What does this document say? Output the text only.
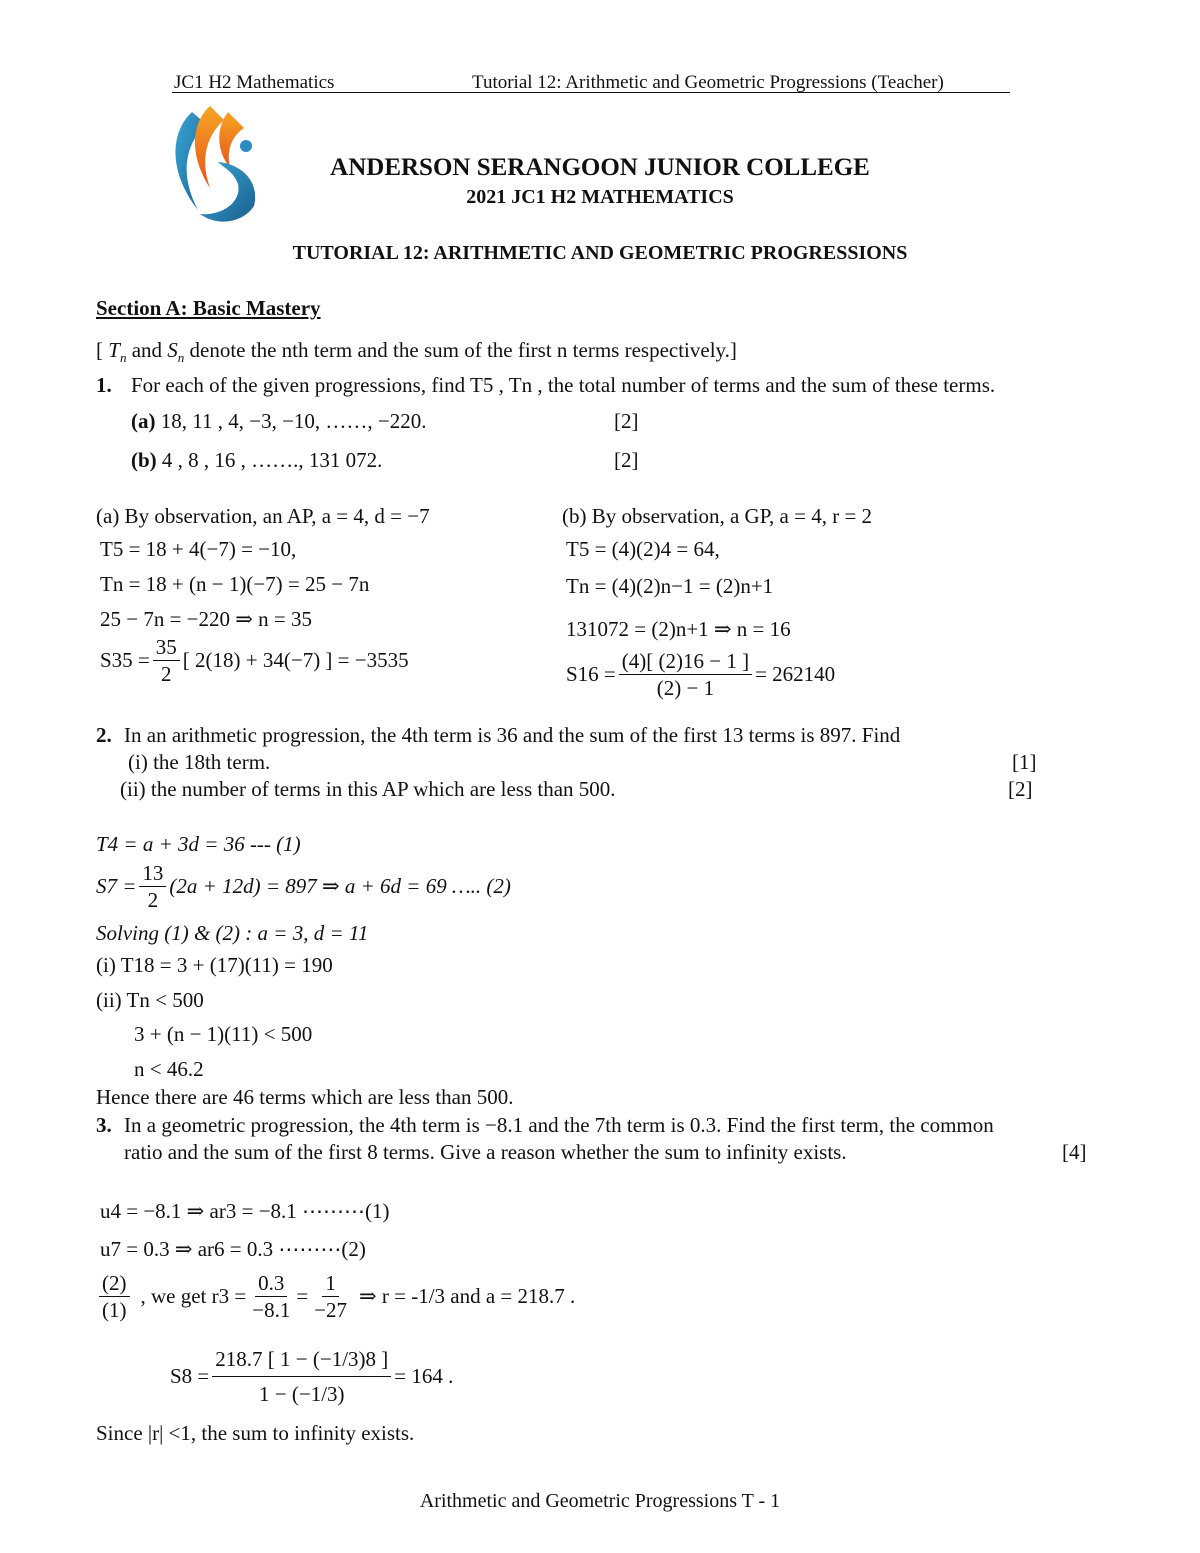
JC1 H2 Mathematics	Tutorial 12: Arithmetic and Geometric Progressions (Teacher)
ANDERSON SERANGOON JUNIOR COLLEGE
2021 JC1 H2 MATHEMATICS
TUTORIAL 12: ARITHMETIC AND GEOMETRIC PROGRESSIONS
Section A: Basic Mastery
[ $T_n$ and $S_n$ denote the nth term and the sum of the first n terms respectively.]
1. For each of the given progressions, find T5 , Tn , the total number of terms and the sum of these terms.
(a) 18, 11 , 4, −3, −10, ……, −220.	[2]
(b) 4 , 8 , 16 , ……., 131 072.	[2]
(a) By observation, an AP, a = 4, d = −7
T5 = 18 + 4(−7) = −10,
Tn = 18 + (n − 1)(−7) = 25 − 7n
25 − 7n = −220 ⇒ n = 35
$S35 = \frac{35}{2}$ [ 2(18) + 34(−7) ] = −3535
(b) By observation, a GP, a = 4, r = 2
T5 = (4)(2)4 = 64,
Tn = (4)(2)n−1 = (2)n+1
131072 = (2)n+1 ⇒ n = 16
$S16 = \frac{(4)[ (2)16 - 1 ]}{(2) - 1} = 262140$
2. In an arithmetic progression, the 4th term is 36 and the sum of the first 13 terms is 897. Find
(i) the 18th term.	[1]
(ii) the number of terms in this AP which are less than 500.	[2]
T4 = a + 3d = 36 --- (1)
$S7 = \frac{13}{2} (2a + 12d) = 897$ ⇒ a + 6d = 69 ….. (2)
Solving (1) & (2) : a = 3, d = 11
(i) T18 = 3 + (17)(11) = 190
(ii) Tn < 500
3 + (n − 1)(11) < 500
n < 46.2
Hence there are 46 terms which are less than 500.
3. In a geometric progression, the 4th term is −8.1 and the 7th term is 0.3. Find the first term, the common
ratio and the sum of the first 8 terms. Give a reason whether the sum to infinity exists.	[4]
u4 = −8.1 ⇒ ar3 = −8.1 ⋯⋯⋯(1)
u7 = 0.3 ⇒ ar6 = 0.3 ⋯⋯⋯(2)
$\frac{(2)}{(1)}$ , we get $r3 = \frac{0.3}{-8.1} = \frac{1}{-27}$ ⇒ r = -1/3 and a = 218.7 .
$S8 = \frac{218.7 [ 1 - (-1/3)8 ]}{1 - (-1/3)} = 164$ .
Since |r| <1, the sum to infinity exists.
Arithmetic and Geometric Progressions T - 1
